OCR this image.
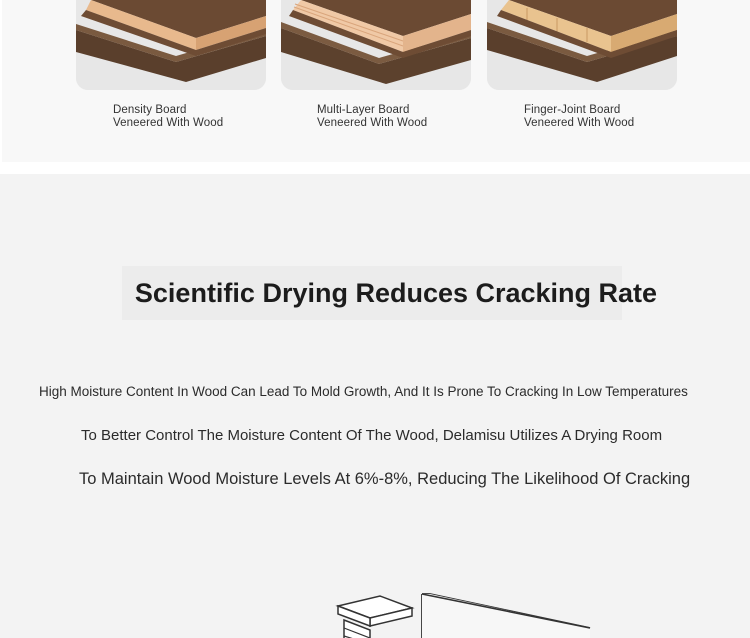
Density Board
Veneered With Wood
Multi-Layer Board
Veneered With Wood
Finger-Joint Board
Veneered With Wood
Scientific Drying Reduces Cracking Rate

High Moisture Content In Wood Can Lead To Mold Growth, And It Is Prone To Cracking In Low Temperatures

To Better Control The Moisture Content Of The Wood, Delamisu Utilizes A Drying Room

To Maintain Wood Moisture Levels At 6%-8%, Reducing The Likelihood Of Cracking
